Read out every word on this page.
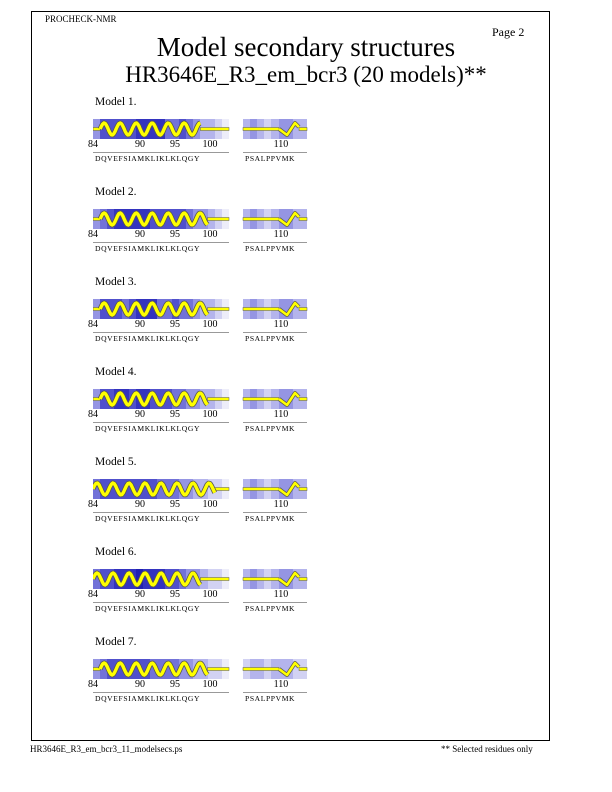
PROCHECK-NMR
Page 2
Model secondary structures
HR3646E_R3_em_bcr3 (20 models)**
Model 1.
84	90	95 100	110
DQVEFSIAMKLIKLKLQGY	PSALPPVMK
Model 2.
84	90	95 100	110
DQVEFSIAMKLIKLKLQGY	PSALPPVMK
Model 3.
84	90	95 100	110
DQVEFSIAMKLIKLKLQGY	PSALPPVMK
Model 4.
84	90	95 100	110
DQVEFSIAMKLIKLKLQGY	PSALPPVMK
Model 5.
84	90	95 100	110
DQVEFSIAMKLIKLKLQGY	PSALPPVMK
Model 6.
84	90	95 100	110
DQVEFSIAMKLIKLKLQGY	PSALPPVMK
Model 7.
84	90	95 100	110
DQVEFSIAMKLIKLKLQGY	PSALPPVMK
HR3646E_R3_em_bcr3_11_modelsecs.ps	** Selected residues only
